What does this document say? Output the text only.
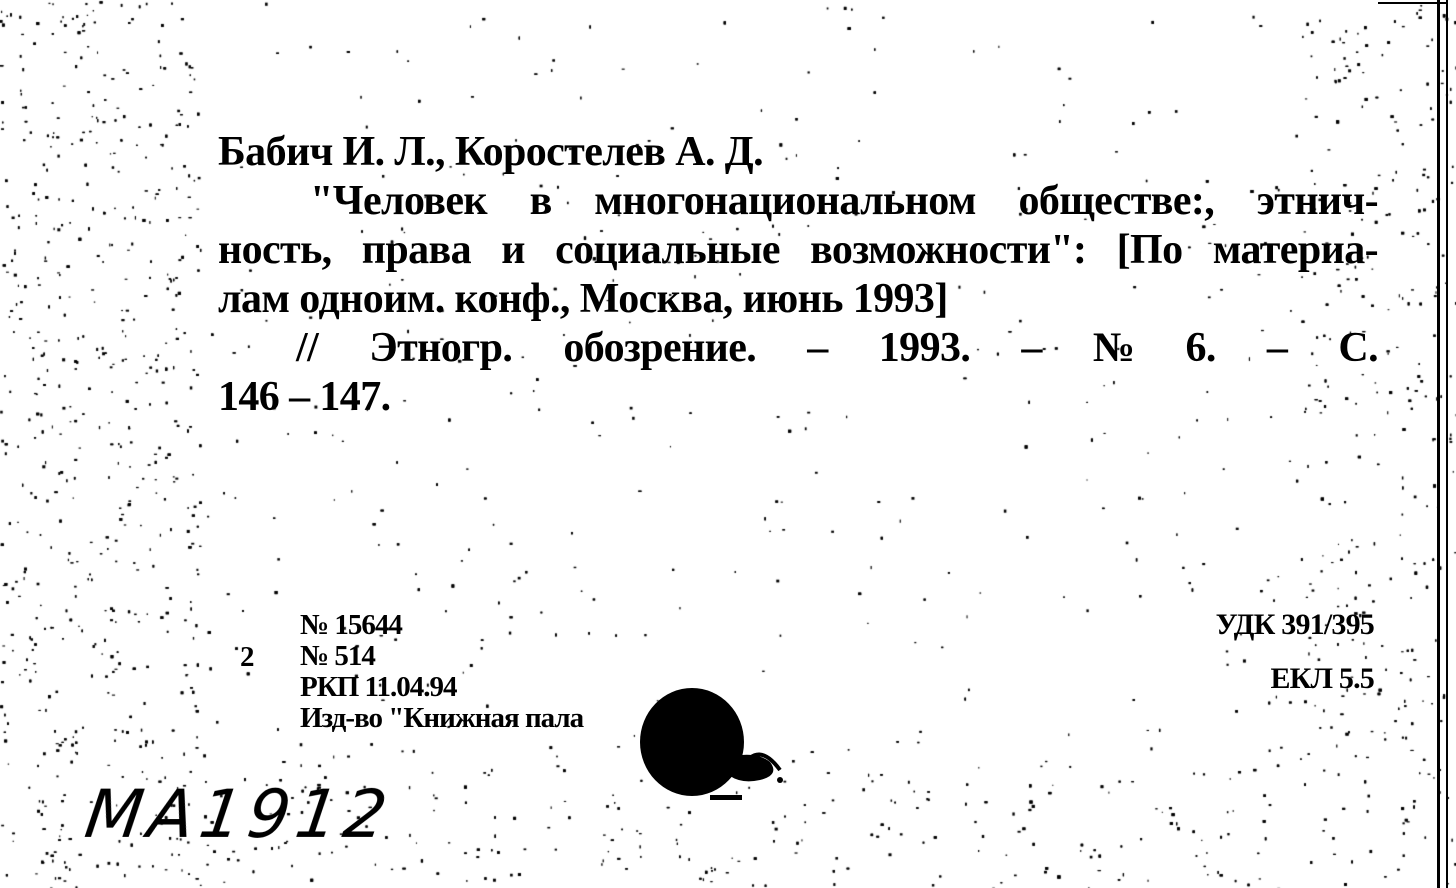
Бабич И. Л., Коростелев А. Д.
"Человек в многонациональном обществе:, этнич-
ность, права и социальные возможности": [По материа-
лам одноим. конф., Москва, июнь 1993]
// Этногр. обозрение. – 1993. – № 6. – С.
146 – 147.
2
№ 15644
№ 514
РКП 11.04.94
Изд-во "Книжная пала
УДК 391/395
ЕКЛ 5.5
MA1912
